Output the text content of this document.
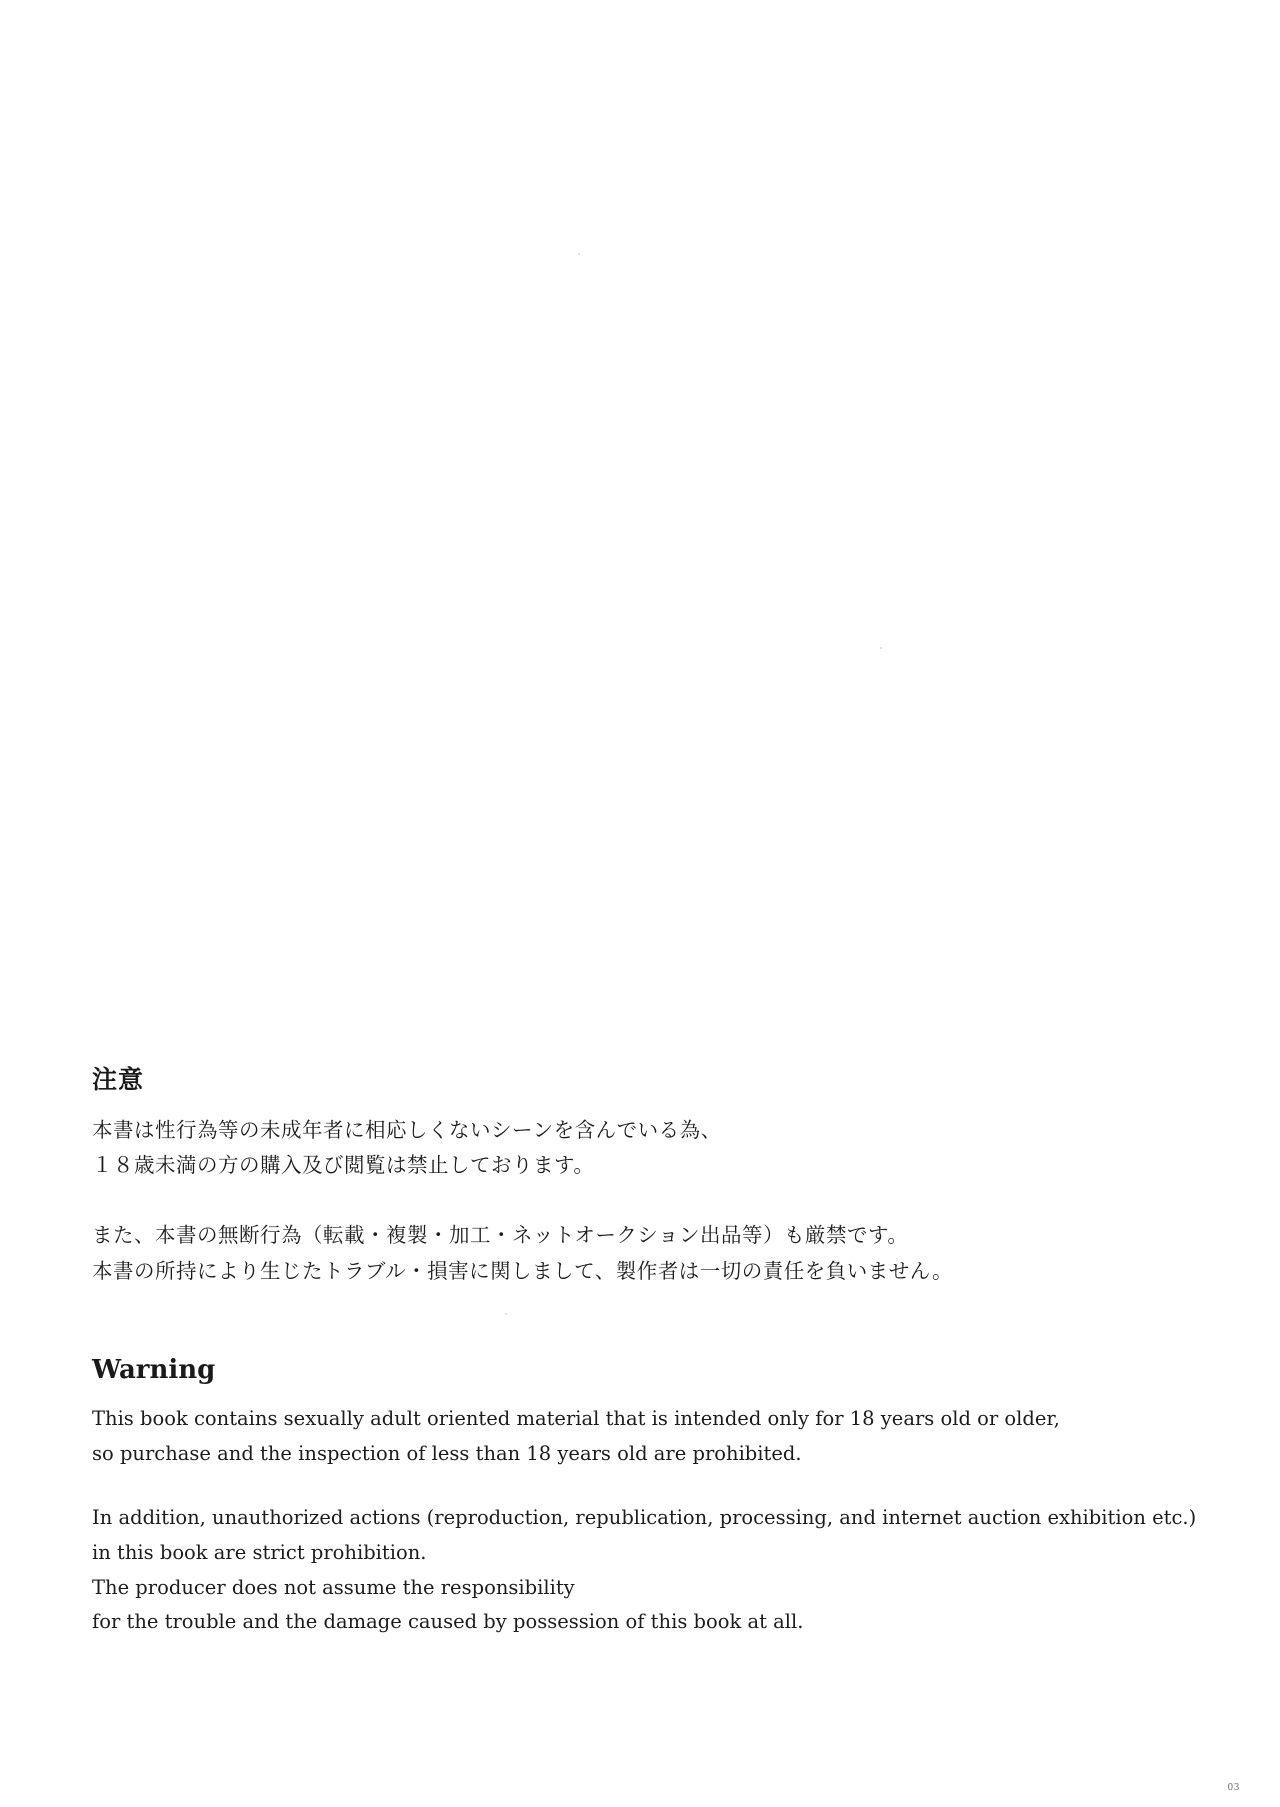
注意

本書は性行為等の未成年者に相応しくないシーンを含んでいる為、

１８歳未満の方の購入及び閲覧は禁止しております。

また、本書の無断行為（転載・複製・加工・ネットオークション出品等）も厳禁です。

本書の所持により生じたトラブル・損害に関しまして、製作者は一切の責任を負いません。

Warning

This book contains sexually adult oriented material that is intended only for 18 years old or older,

so purchase and the inspection of less than 18 years old are prohibited.

In addition, unauthorized actions (reproduction, republication, processing, and internet auction exhibition etc.)

in this book are strict prohibition.

The producer does not assume the responsibility

for the trouble and the damage caused by possession of this book at all.

03
